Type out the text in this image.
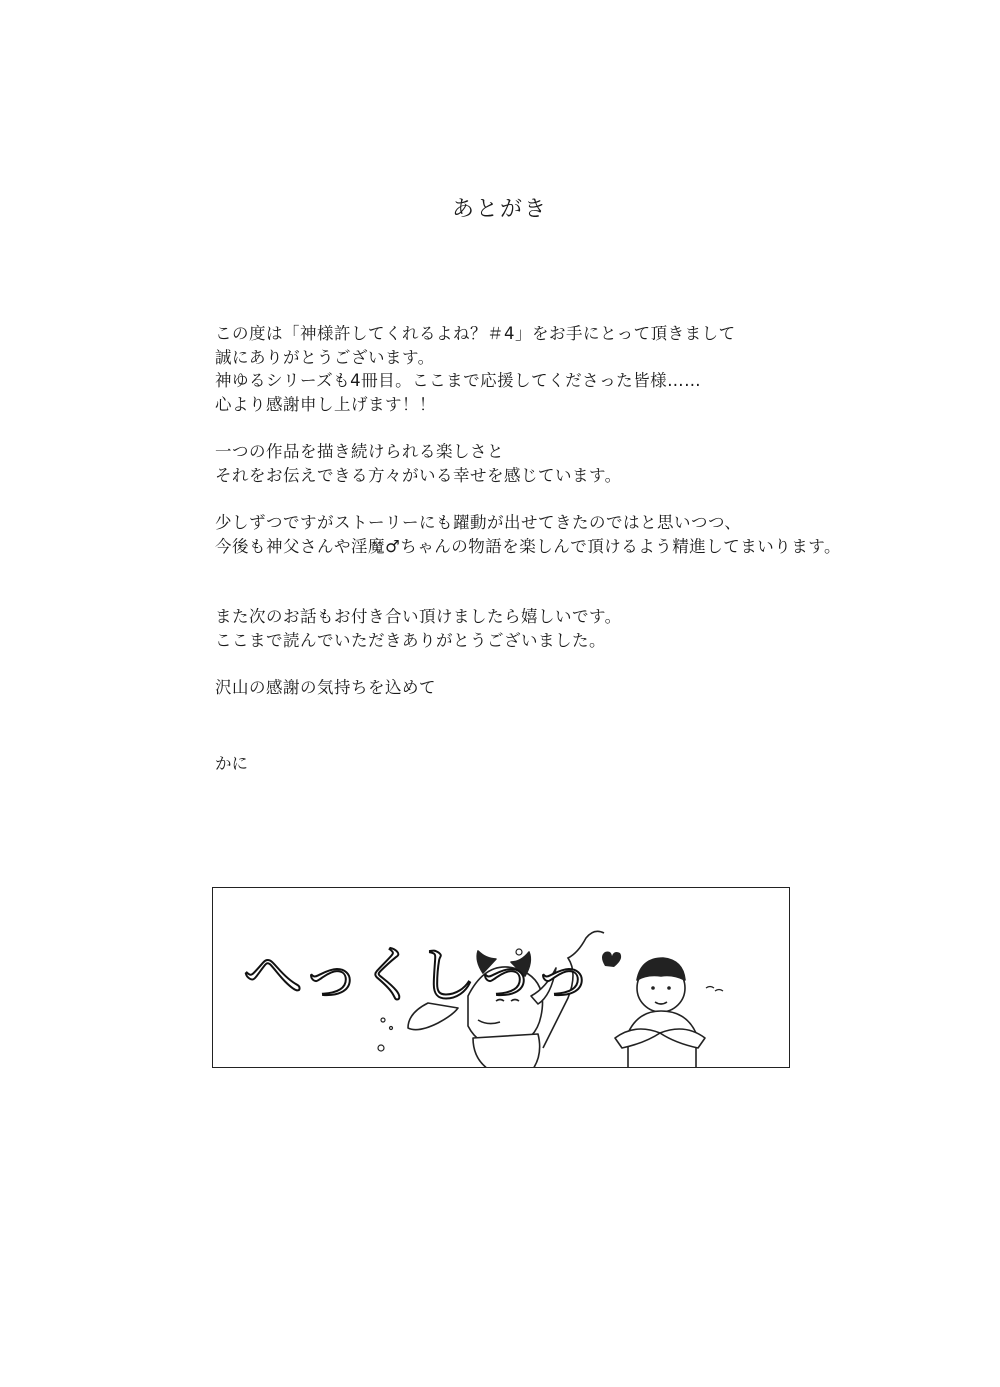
あとがき

この度は「神様許してくれるよね？＃4」をお手にとって頂きまして
誠にありがとうございます。
神ゆるシリーズも4冊目。ここまで応援してくださった皆様……
心より感謝申し上げます！！

一つの作品を描き続けられる楽しさと
それをお伝えできる方々がいる幸せを感じています。

少しずつですがストーリーにも躍動が出せてきたのではと思いつつ、
今後も神父さんや淫魔♂ちゃんの物語を楽しんで頂けるよう精進してまいります。

また次のお話もお付き合い頂けましたら嬉しいです。
ここまで読んでいただきありがとうございました。

沢山の感謝の気持ちを込めて

かに
へっくしっっ
